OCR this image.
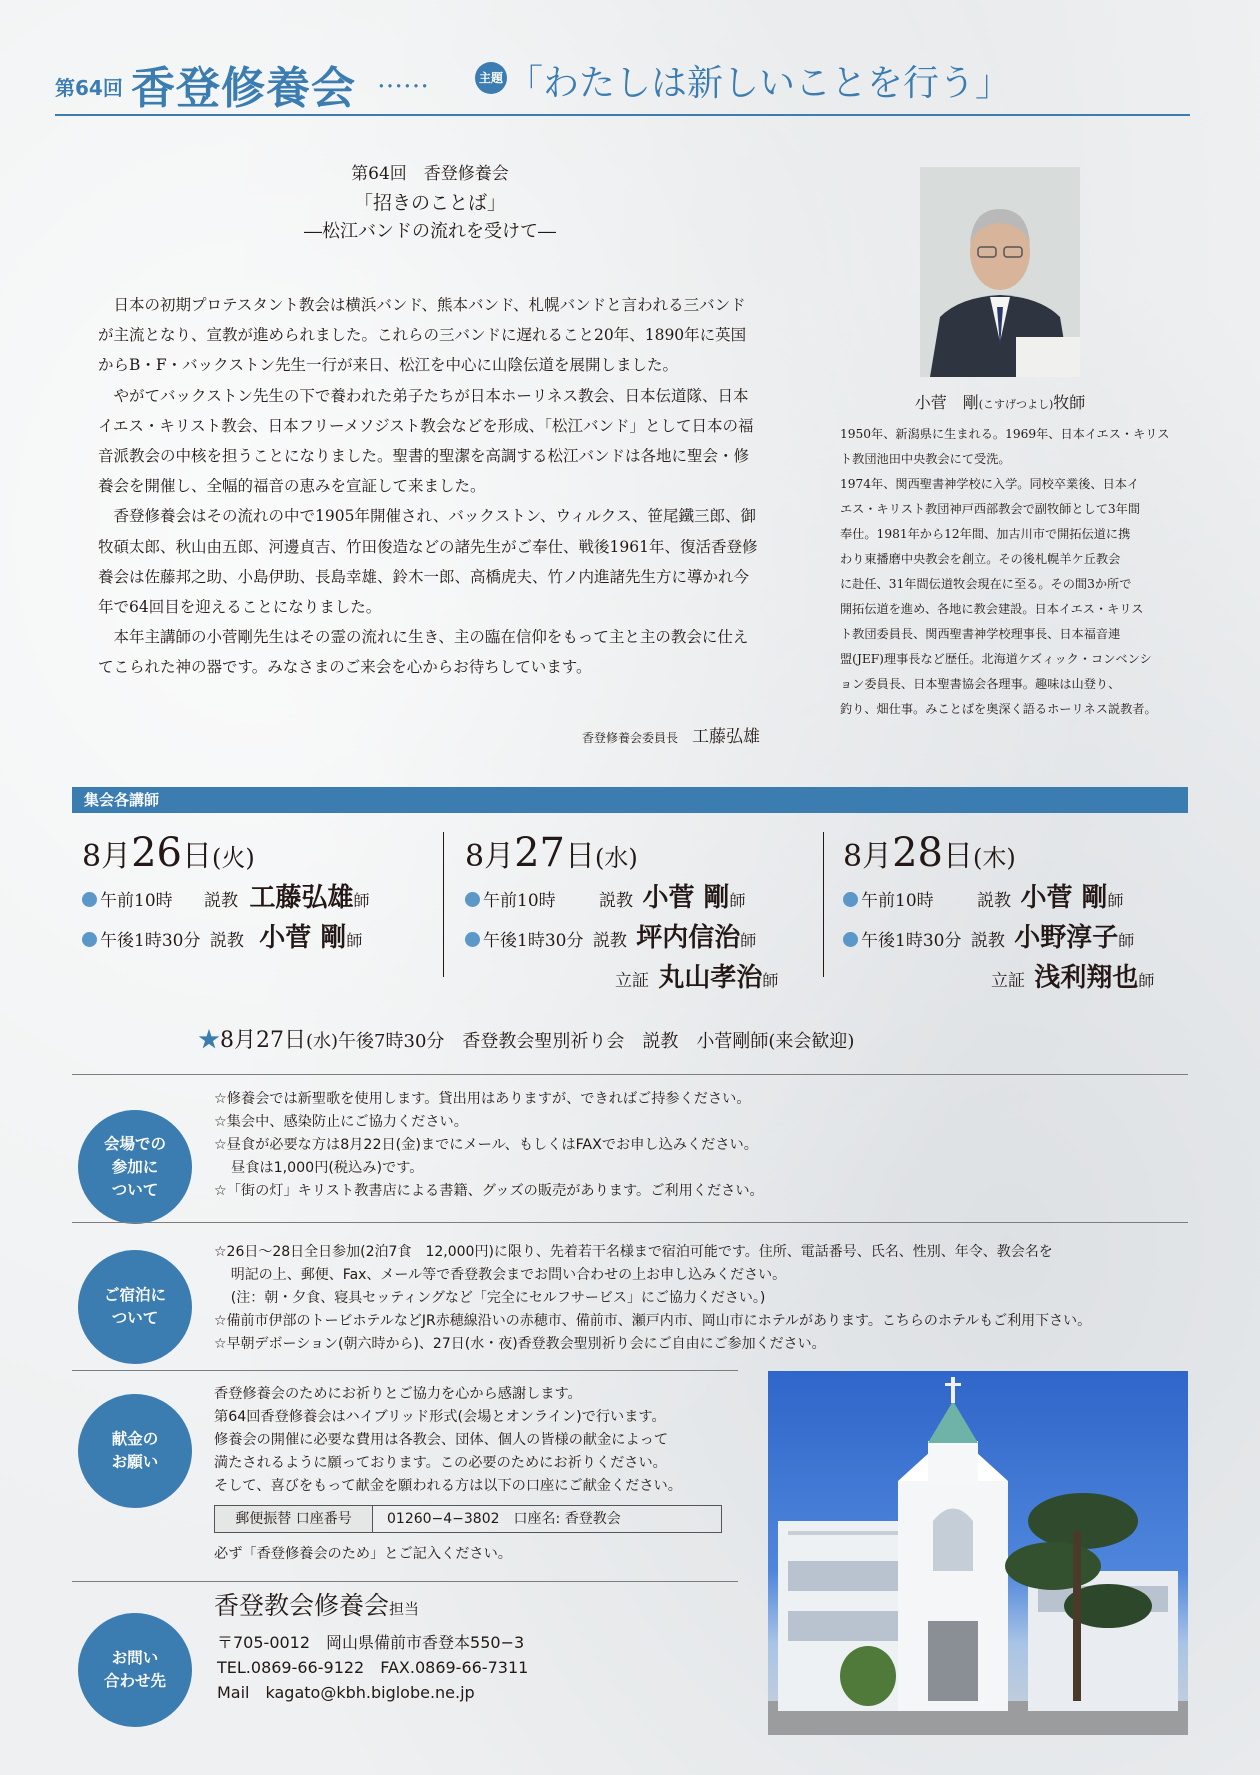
第64回 香登修養会 ……	主題 「わたしは新しいことを行う」
第64回　香登修養会
「招きのことば」
―松江バンドの流れを受けて―

日本の初期プロテスタント教会は横浜バンド、熊本バンド、札幌バンドと言われる三バンドが主流となり、宣教が進められました。これらの三バンドに遅れること20年、1890年に英国からB・F・バックストン先生一行が来日、松江を中心に山陰伝道を展開しました。

やがてバックストン先生の下で養われた弟子たちが日本ホーリネス教会、日本伝道隊、日本イエス・キリスト教会、日本フリーメソジスト教会などを形成、「松江バンド」として日本の福音派教会の中核を担うことになりました。聖書的聖潔を高調する松江バンドは各地に聖会・修養会を開催し、全幅的福音の恵みを宣証して来ました。

香登修養会はその流れの中で1905年開催され、バックストン、ウィルクス、笹尾鐵三郎、御牧碩太郎、秋山由五郎、河邊貞吉、竹田俊造などの諸先生がご奉仕、戦後1961年、復活香登修養会は佐藤邦之助、小島伊助、長島幸雄、鈴木一郎、高橋虎夫、竹ノ内進諸先生方に導かれ今年で64回目を迎えることになりました。

本年主講師の小菅剛先生はその霊の流れに生き、主の臨在信仰をもって主と主の教会に仕えてこられた神の器です。みなさまのご来会を心からお待ちしています。

香登修養会委員長 工藤弘雄
小菅　剛(こすげつよし)牧師
1950年、新潟県に生まれる。1969年、日本イエス・キリス
ト教団池田中央教会にて受洗。
1974年、関西聖書神学校に入学。同校卒業後、日本イ
エス・キリスト教団神戸西部教会で副牧師として3年間
奉仕。1981年から12年間、加古川市で開拓伝道に携
わり東播磨中央教会を創立。その後札幌羊ケ丘教会
に赴任、31年間伝道牧会現在に至る。その間3か所で
開拓伝道を進め、各地に教会建設。日本イエス・キリス
ト教団委員長、関西聖書神学校理事長、日本福音連
盟(JEF)理事長など歴任。北海道ケズィック・コンベンシ
ョン委員長、日本聖書協会各理事。趣味は山登り、
釣り、畑仕事。みことばを奥深く語るホーリネス説教者。
集会各講師
8月26日(火)
午前10時 説教 工藤弘雄師
午後1時30分 説教 小菅 剛師
8月27日(水)
午前10時	説教 小菅 剛師
午後1時30分 説教 坪内信治師
立証 丸山孝治師
8月28日(木)
午前10時	説教 小菅 剛師
午後1時30分 説教 小野淳子師
立証 浅利翔也師
★8月27日(水)午後7時30分　香登教会聖別祈り会　説教　小菅剛師(来会歓迎)
会場での
参加に
ついて
☆修養会では新聖歌を使用します。貸出用はありますが、できればご持参ください。
☆集会中、感染防止にご協力ください。
☆昼食が必要な方は8月22日(金)までにメール、もしくはFAXでお申し込みください。
昼食は1,000円(税込み)です。
☆「街の灯」キリスト教書店による書籍、グッズの販売があります。ご利用ください。
ご宿泊に
ついて
☆26日～28日全日参加(2泊7食　12,000円)に限り、先着若干名様まで宿泊可能です。住所、電話番号、氏名、性別、年令、教会名を
明記の上、郵便、Fax、メール等で香登教会までお問い合わせの上お申し込みください。
(注：朝・夕食、寝具セッティングなど「完全にセルフサービス」にご協力ください。)
☆備前市伊部のトービホテルなどJR赤穂線沿いの赤穂市、備前市、瀬戸内市、岡山市にホテルがあります。こちらのホテルもご利用下さい。
☆早朝デボーション(朝六時から)、27日(水・夜)香登教会聖別祈り会にご自由にご参加ください。
献金の
お願い
香登修養会のためにお祈りとご協力を心から感謝します。
第64回香登修養会はハイブリッド形式(会場とオンライン)で行います。
修養会の開催に必要な費用は各教会、団体、個人の皆様の献金によって
満たされるように願っております。この必要のためにお祈りください。
そして、喜びをもって献金を願われる方は以下の口座にご献金ください。
郵便振替 口座番号	01260−4−3802　口座名: 香登教会
必ず「香登修養会のため」とご記入ください。
お問い
合わせ先
香登教会修養会担当
〒705-0012　岡山県備前市香登本550−3
TEL.0869-66-9122　FAX.0869-66-7311
Mail　kagato@kbh.biglobe.ne.jp
